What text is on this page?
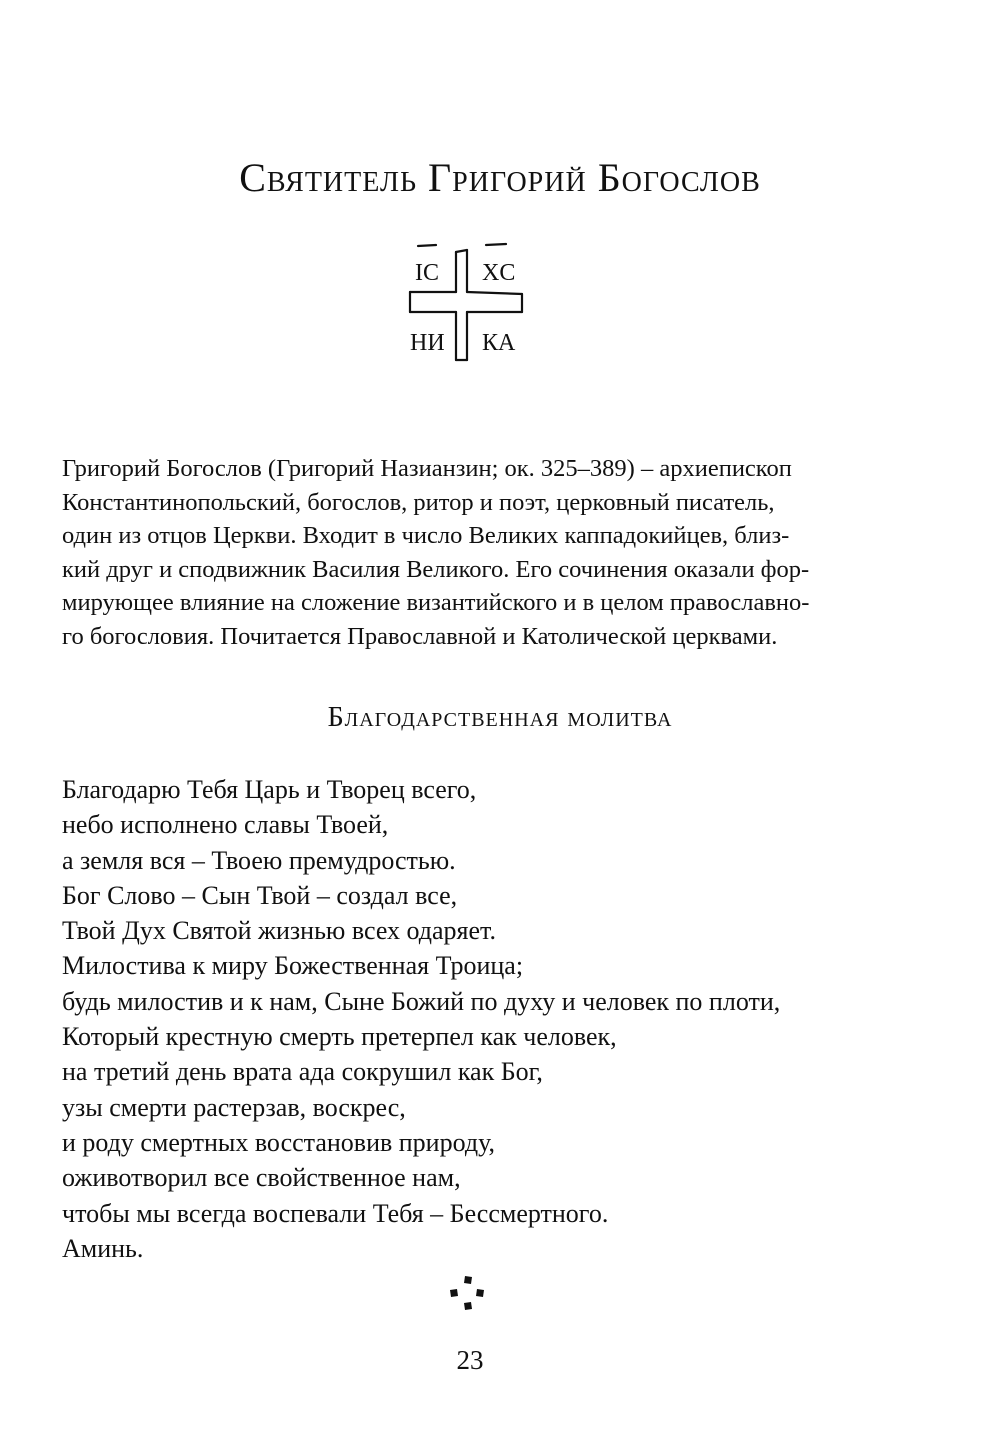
Святитель Григорий Богослов
IC XC
НИ КА

Григорий Богослов (Григорий Назианзин; ок. 325–389) – архиепископ
Константинопольский, богослов, ритор и поэт, церковный писатель,
один из отцов Церкви. Входит в число Великих каппадокийцев, близ-
кий друг и сподвижник Василия Великого. Его сочинения оказали фор-
мирующее влияние на сложение византийского и в целом православно-
го богословия. Почитается Православной и Католической церквами.

Благодарственная молитва
Благодарю Тебя Царь и Творец всего,
небо исполнено славы Твоей,
а земля вся – Твоею премудростью.
Бог Слово – Сын Твой – создал все,
Твой Дух Святой жизнью всех одаряет.
Милостива к миру Божественная Троица;
будь милостив и к нам, Сыне Божий по духу и человек по плоти,
Который крестную смерть претерпел как человек,
на третий день врата ада сокрушил как Бог,
узы смерти растерзав, воскрес,
и роду смертных восстановив природу,
оживотворил все свойственное нам,
чтобы мы всегда воспевали Тебя – Бессмертного.
Аминь.
23
